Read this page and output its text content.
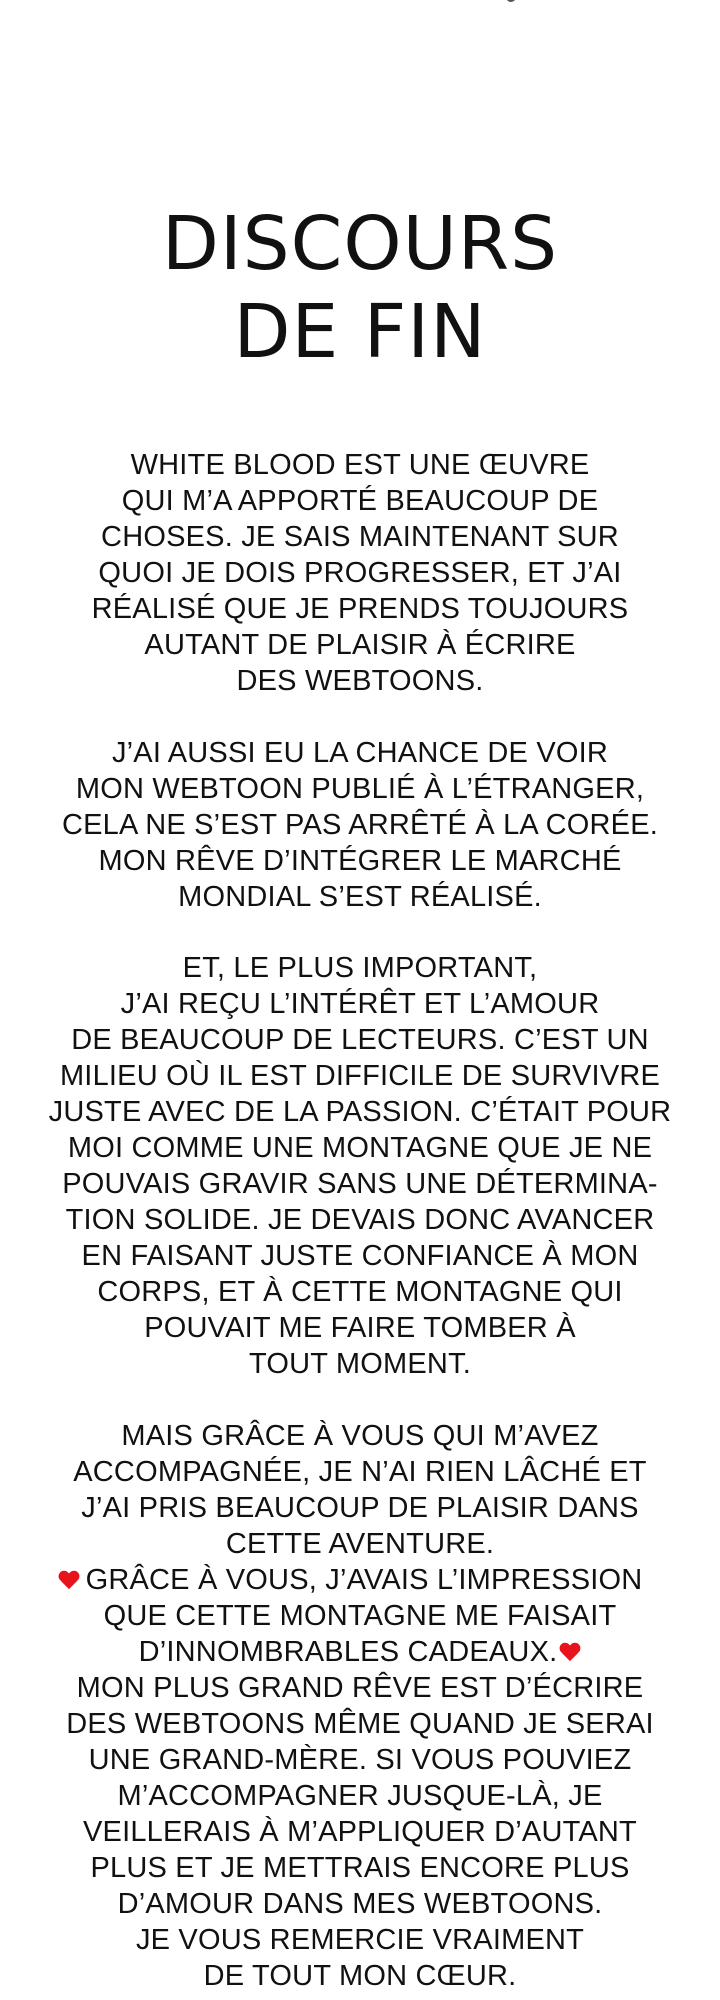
DISCOURS
DE FIN
WHITE BLOOD EST UNE ŒUVRE
QUI M’A APPORTÉ BEAUCOUP DE
CHOSES. JE SAIS MAINTENANT SUR
QUOI JE DOIS PROGRESSER, ET J’AI
RÉALISÉ QUE JE PRENDS TOUJOURS
AUTANT DE PLAISIR À ÉCRIRE
DES WEBTOONS.
J’AI AUSSI EU LA CHANCE DE VOIR
MON WEBTOON PUBLIÉ À L’ÉTRANGER,
CELA NE S’EST PAS ARRÊTÉ À LA CORÉE.
MON RÊVE D’INTÉGRER LE MARCHÉ
MONDIAL S’EST RÉALISÉ.
ET, LE PLUS IMPORTANT,
J’AI REÇU L’INTÉRÊT ET L’AMOUR
DE BEAUCOUP DE LECTEURS. C’EST UN
MILIEU OÙ IL EST DIFFICILE DE SURVIVRE
JUSTE AVEC DE LA PASSION. C’ÉTAIT POUR
MOI COMME UNE MONTAGNE QUE JE NE
POUVAIS GRAVIR SANS UNE DÉTERMINA-
TION SOLIDE. JE DEVAIS DONC AVANCER
EN FAISANT JUSTE CONFIANCE À MON
CORPS, ET À CETTE MONTAGNE QUI
POUVAIT ME FAIRE TOMBER À
TOUT MOMENT.
MAIS GRÂCE À VOUS QUI M’AVEZ
ACCOMPAGNÉE, JE N’AI RIEN LÂCHÉ ET
J’AI PRIS BEAUCOUP DE PLAISIR DANS
CETTE AVENTURE.
GRÂCE À VOUS, J’AVAIS L’IMPRESSION
QUE CETTE MONTAGNE ME FAISAIT
D’INNOMBRABLES CADEAUX.
MON PLUS GRAND RÊVE EST D’ÉCRIRE
DES WEBTOONS MÊME QUAND JE SERAI
UNE GRAND-MÈRE. SI VOUS POUVIEZ
M’ACCOMPAGNER JUSQUE-LÀ, JE
VEILLERAIS À M’APPLIQUER D’AUTANT
PLUS ET JE METTRAIS ENCORE PLUS
D’AMOUR DANS MES WEBTOONS.
JE VOUS REMERCIE VRAIMENT
DE TOUT MON CŒUR.
